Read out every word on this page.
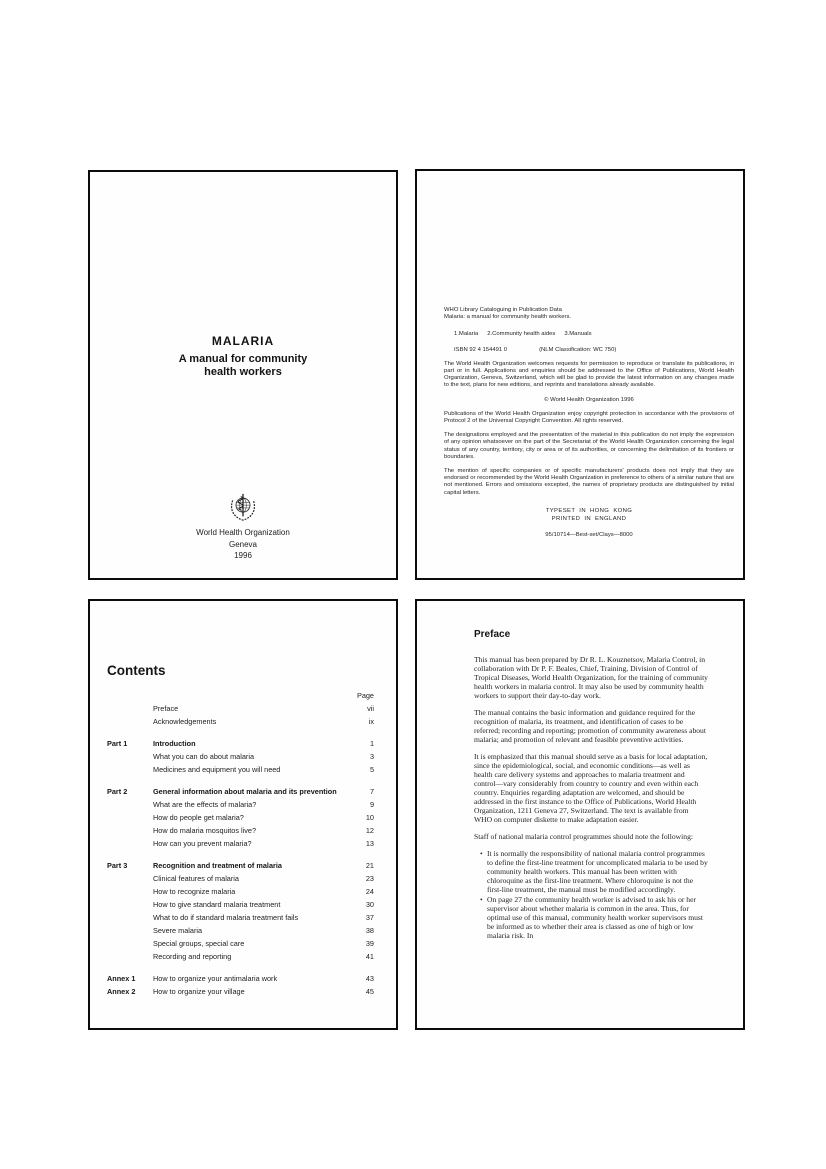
MALARIA
A manual for community
health workers
World Health Organization
Geneva
1996
WHO Library Cataloguing in Publication Data
Malaria: a manual for community health workers.
1.Malaria 2.Community health aides 3.Manuals
ISBN 92 4 154491 0	(NLM Classification: WC 750)

The World Health Organization welcomes requests for permission to reproduce or translate its publications, in part or in full. Applications and enquiries should be addressed to the Office of Publications, World Health Organization, Geneva, Switzerland, which will be glad to provide the latest information on any changes made to the text, plans for new editions, and reprints and translations already available.

© World Health Organization 1996

Publications of the World Health Organization enjoy copyright protection in accordance with the provisions of Protocol 2 of the Universal Copyright Convention. All rights reserved.

The designations employed and the presentation of the material in this publication do not imply the expression of any opinion whatsoever on the part of the Secretariat of the World Health Organization concerning the legal status of any country, territory, city or area or of its authorities, or concerning the delimitation of its frontiers or boundaries.

The mention of specific companies or of specific manufacturers' products does not imply that they are endorsed or recommended by the World Health Organization in preference to others of a similar nature that are not mentioned. Errors and omissions excepted, the names of proprietary products are distinguished by initial capital letters.

TYPESET IN HONG KONG
PRINTED IN ENGLAND
95/10714—Best-set/Clays—8000
Contents
Page
Preface	vii
Acknowledgements	ix
Part 1	Introduction	1
What you can do about malaria	3
Medicines and equipment you will need	5
Part 2	General information about malaria and its prevention	7
What are the effects of malaria?	9
How do people get malaria?	10
How do malaria mosquitos live?	12
How can you prevent malaria?	13
Part 3	Recognition and treatment of malaria	21
Clinical features of malaria	23
How to recognize malaria	24
How to give standard malaria treatment	30
What to do if standard malaria treatment fails	37
Severe malaria	38
Special groups, special care	39
Recording and reporting	41
Annex 1	How to organize your antimalaria work	43
Annex 2	How to organize your village	45
Preface

This manual has been prepared by Dr R. L. Kouznetsov, Malaria Control, in collaboration with Dr P. F. Beales, Chief, Training, Division of Control of Tropical Diseases, World Health Organization, for the training of community health workers in malaria control. It may also be used by community health workers to support their day-to-day work.

The manual contains the basic information and guidance required for the recognition of malaria, its treatment, and identification of cases to be referred; recording and reporting; promotion of community awareness about malaria; and promotion of relevant and feasible preventive activities.

It is emphasized that this manual should serve as a basis for local adaptation, since the epidemiological, social, and economic conditions—as well as health care delivery systems and approaches to malaria treatment and control—vary considerably from country to country and even within each country. Enquiries regarding adaptation are welcomed, and should be addressed in the first instance to the Office of Publications, World Health Organization, 1211 Geneva 27, Switzerland. The text is available from WHO on computer diskette to make adaptation easier.

Staff of national malaria control programmes should note the following:

•
It is normally the responsibility of national malaria control programmes to define the first-line treatment for uncomplicated malaria to be used by community health workers. This manual has been written with chloroquine as the first-line treatment. Where chloroquine is not the first-line treatment, the manual must be modified accordingly.
•
On page 27 the community health worker is advised to ask his or her supervisor about whether malaria is common in the area. Thus, for optimal use of this manual, community health worker supervisors must be informed as to whether their area is classed as one of high or low malaria risk. In
